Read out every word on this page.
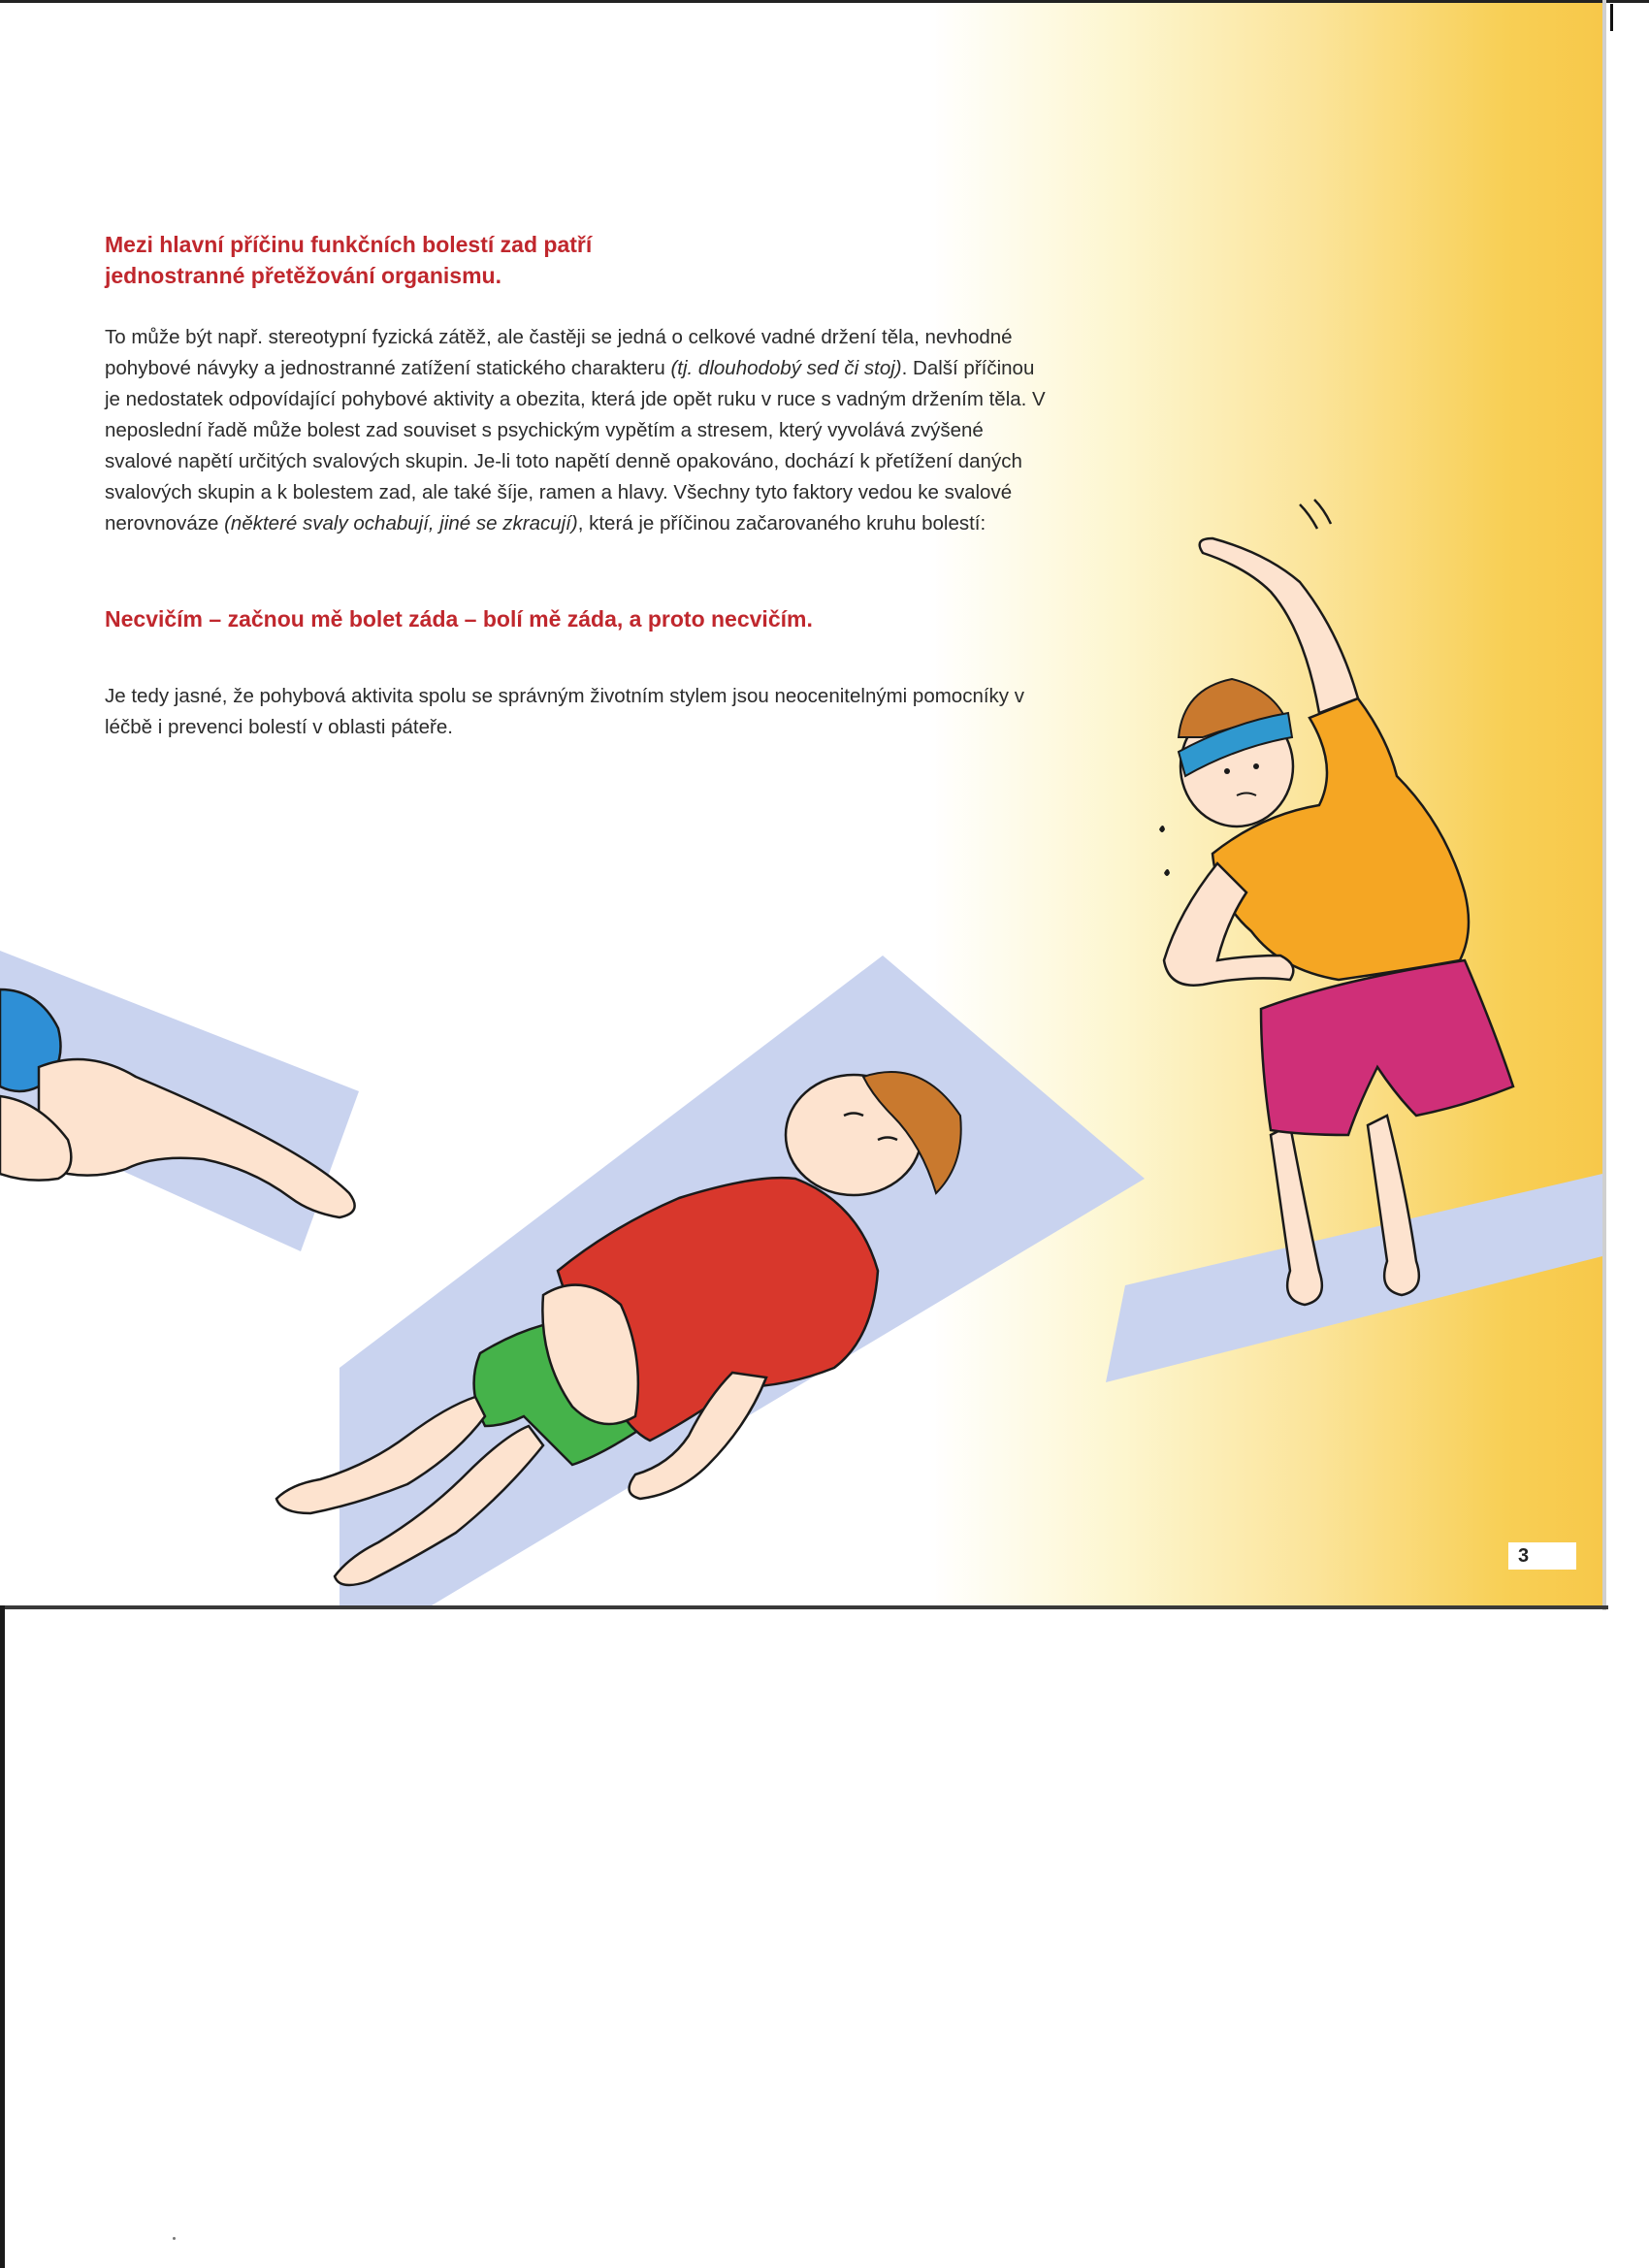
Mezi hlavní příčinu funkčních bolestí zad patří
jednostranné přetěžování organismu.

To může být např. stereotypní fyzická zátěž, ale častěji se jedná o celkové vadné držení těla, nevhodné pohybové návyky a jednostranné zatížení statického charakteru (tj. dlouhodobý sed či stoj). Další příčinou je nedostatek odpovídající pohybové aktivity a obezita, která jde opět ruku v ruce s vadným držením těla. V neposlední řadě může bolest zad souviset s psychickým vypětím a stresem, který vyvolává zvýšené svalové napětí určitých svalových skupin. Je-li toto napětí denně opakováno, dochází k přetížení daných svalových skupin a k bolestem zad, ale také šíje, ramen a hlavy. Všechny tyto faktory vedou ke svalové nerovnováze (některé svaly ochabují, jiné se zkracují), která je příčinou začarovaného kruhu bolestí:

Necvičím – začnou mě bolet záda – bolí mě záda, a proto necvičím.

Je tedy jasné, že pohybová aktivita spolu se správným životním stylem jsou neocenitelnými pomocníky v léčbě i prevenci bolestí v oblasti páteře.

3
